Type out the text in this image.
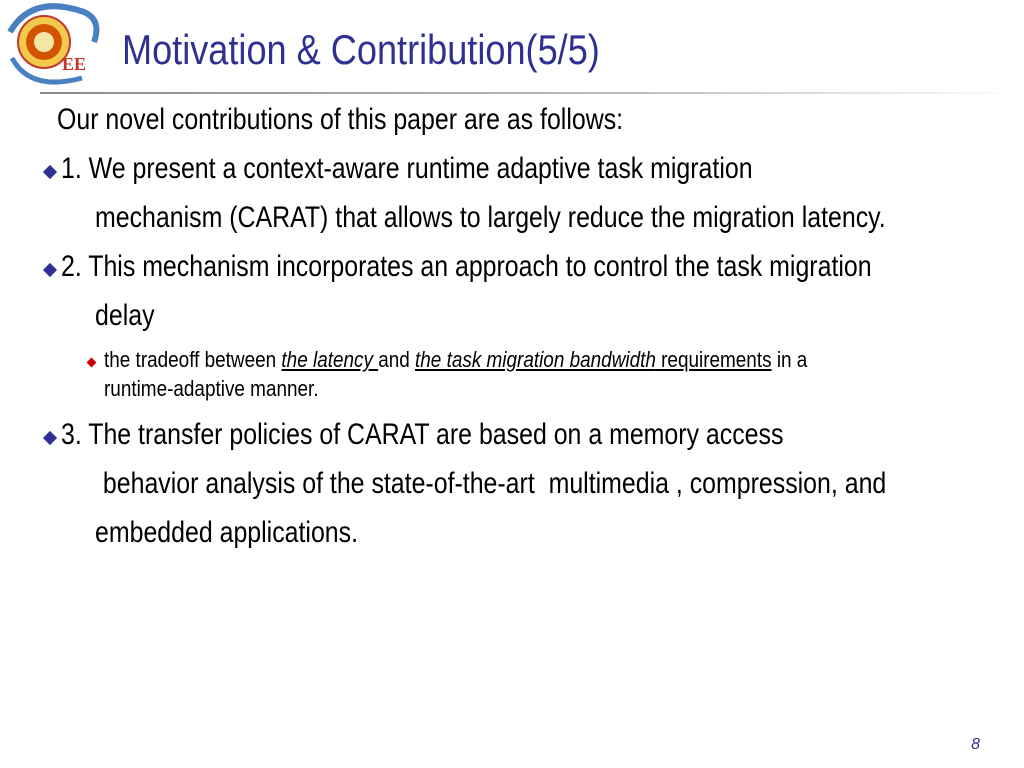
EE Motivation & Contribution(5/5)
Our novel contributions of this paper are as follows:
1. We present a context-aware runtime adaptive task migration
mechanism (CARAT) that allows to largely reduce the migration latency.
2. This mechanism incorporates an approach to control the task migration
delay
the tradeoff between the latency and the task migration bandwidth requirements in a
runtime-adaptive manner.
3. The transfer policies of CARAT are based on a memory access
behavior analysis of the state-of-the-art  multimedia , compression, and
embedded applications.
8
